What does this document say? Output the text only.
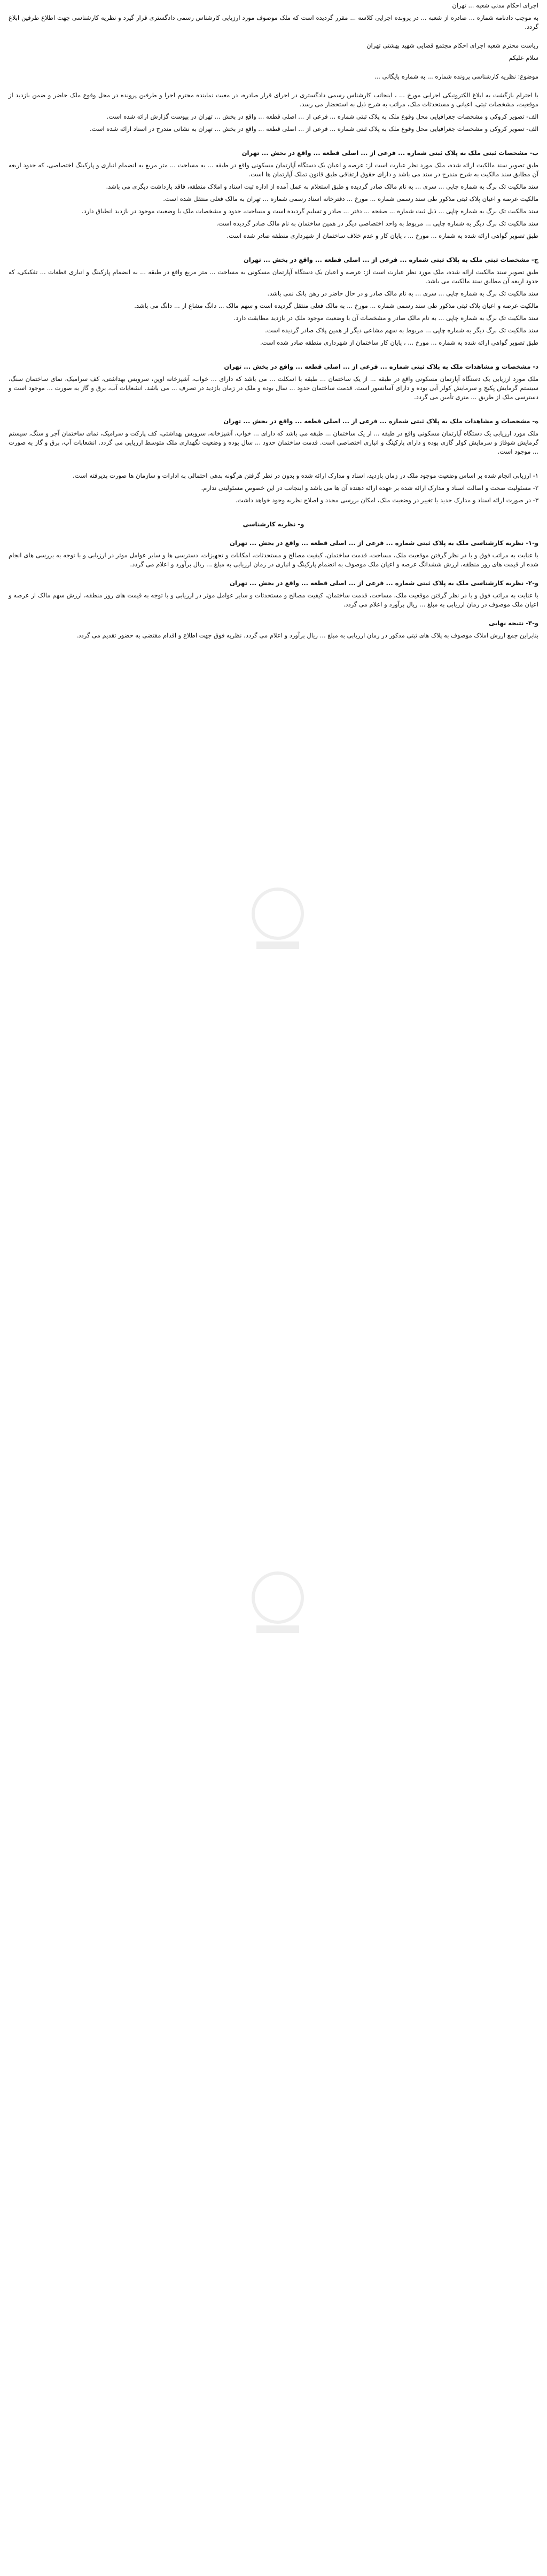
اجرای احکام مدنی شعبه ... تهران
به موجب دادنامه شماره ... صادره از شعبه ... در پرونده اجرایی کلاسه ... مقرر گردیده است که ملک موصوف مورد ارزیابی کارشناس رسمی دادگستری قرار گیرد و نظریه کارشناسی جهت اطلاع طرفین ابلاغ گردد.
ریاست محترم شعبه اجرای احکام مجتمع قضایی شهید بهشتی تهران
سلام علیکم
موضوع: نظریه کارشناسی پرونده شماره ... به شماره بایگانی ...
با احترام بازگشت به ابلاغ الکترونیکی اجرایی مورخ ... ، اینجانب کارشناس رسمی دادگستری در اجرای قرار صادره، در معیت نماینده محترم اجرا و طرفین پرونده در محل وقوع ملک حاضر و ضمن بازدید از موقعیت، مشخصات ثبتی، اعیانی و مستحدثات ملک، مراتب به شرح ذیل به استحضار می رسد.
الف- تصویر کروکی و مشخصات جغرافیایی محل وقوع ملک به پلاک ثبتی شماره ... فرعی از ... اصلی قطعه ... واقع در بخش ... تهران در پیوست گزارش ارائه شده است.
الف- تصویر کروکی و مشخصات جغرافیایی محل وقوع ملک به پلاک ثبتی شماره ... فرعی از ... اصلی قطعه ... واقع در بخش ... تهران به نشانی مندرج در اسناد ارائه شده است.
ب- مشخصات ثبتی ملک به پلاک ثبتی شماره ... فرعی از ... اصلی قطعه ... واقع در بخش ... تهران
طبق تصویر سند مالکیت ارائه شده، ملک مورد نظر عبارت است از: عرصه و اعیان یک دستگاه آپارتمان مسکونی واقع در طبقه ... به مساحت ... متر مربع به انضمام انباری و پارکینگ اختصاصی، که حدود اربعه آن مطابق سند مالکیت به شرح مندرج در سند می باشد و دارای حقوق ارتفاقی طبق قانون تملک آپارتمان ها است.
سند مالکیت تک برگ به شماره چاپی ... سری ... به نام مالک صادر گردیده و طبق استعلام به عمل آمده از اداره ثبت اسناد و املاک منطقه، فاقد بازداشت دیگری می باشد.
مالکیت عرصه و اعیان پلاک ثبتی مذکور طی سند رسمی شماره ... مورخ ... دفترخانه اسناد رسمی شماره ... تهران به مالک فعلی منتقل شده است.
سند مالکیت تک برگ به شماره چاپی ... ذیل ثبت شماره ... صفحه ... دفتر ... صادر و تسلیم گردیده است و مساحت، حدود و مشخصات ملک با وضعیت موجود در بازدید انطباق دارد.
سند مالکیت تک برگ دیگر به شماره چاپی ... مربوط به واحد اختصاصی دیگر در همین ساختمان به نام مالک صادر گردیده است.
طبق تصویر گواهی ارائه شده به شماره ... مورخ ... ، پایان کار و عدم خلاف ساختمان از شهرداری منطقه صادر شده است.
ج- مشخصات ثبتی ملک به پلاک ثبتی شماره ... فرعی از ... اصلی قطعه ... واقع در بخش ... تهران
طبق تصویر سند مالکیت ارائه شده، ملک مورد نظر عبارت است از: عرصه و اعیان یک دستگاه آپارتمان مسکونی به مساحت ... متر مربع واقع در طبقه ... به انضمام پارکینگ و انباری قطعات ... تفکیکی، که حدود اربعه آن مطابق سند مالکیت می باشد.
سند مالکیت تک برگ به شماره چاپی ... سری ... به نام مالک صادر و در حال حاضر در رهن بانک نمی باشد.
مالکیت عرصه و اعیان پلاک ثبتی مذکور طی سند رسمی شماره ... مورخ ... به مالک فعلی منتقل گردیده است و سهم مالک ... دانگ مشاع از ... دانگ می باشد.
سند مالکیت تک برگ به شماره چاپی ... به نام مالک صادر و مشخصات آن با وضعیت موجود ملک در بازدید مطابقت دارد.
سند مالکیت تک برگ دیگر به شماره چاپی ... مربوط به سهم مشاعی دیگر از همین پلاک صادر گردیده است.
طبق تصویر گواهی ارائه شده به شماره ... مورخ ... ، پایان کار ساختمان از شهرداری منطقه صادر شده است.
د- مشخصات و مشاهدات ملک به پلاک ثبتی شماره ... فرعی از ... اصلی قطعه ... واقع در بخش ... تهران
ملک مورد ارزیابی یک دستگاه آپارتمان مسکونی واقع در طبقه ... از یک ساختمان ... طبقه با اسکلت ... می باشد که دارای ... خواب، آشپزخانه اوپن، سرویس بهداشتی، کف سرامیک، نمای ساختمان سنگ، سیستم گرمایش پکیج و سرمایش کولر آبی بوده و دارای آسانسور است. قدمت ساختمان حدود ... سال بوده و ملک در زمان بازدید در تصرف ... می باشد. انشعابات آب، برق و گاز به صورت ... موجود است و دسترسی ملک از طریق ... متری تأمین می گردد.
ه- مشخصات و مشاهدات ملک به پلاک ثبتی شماره ... فرعی از ... اصلی قطعه ... واقع در بخش ... تهران
ملک مورد ارزیابی یک دستگاه آپارتمان مسکونی واقع در طبقه ... از یک ساختمان ... طبقه می باشد که دارای ... خواب، آشپزخانه، سرویس بهداشتی، کف پارکت و سرامیک، نمای ساختمان آجر و سنگ، سیستم گرمایش شوفاژ و سرمایش کولر گازی بوده و دارای پارکینگ و انباری اختصاصی است. قدمت ساختمان حدود ... سال بوده و وضعیت نگهداری ملک متوسط ارزیابی می گردد. انشعابات آب، برق و گاز به صورت ... موجود است.
۱- ارزیابی انجام شده بر اساس وضعیت موجود ملک در زمان بازدید، اسناد و مدارک ارائه شده و بدون در نظر گرفتن هرگونه بدهی احتمالی به ادارات و سازمان ها صورت پذیرفته است.
۲- مسئولیت صحت و اصالت اسناد و مدارک ارائه شده بر عهده ارائه دهنده آن ها می باشد و اینجانب در این خصوص مسئولیتی ندارم.
۳- در صورت ارائه اسناد و مدارک جدید یا تغییر در وضعیت ملک، امکان بررسی مجدد و اصلاح نظریه وجود خواهد داشت.
و- نظریه کارشناسی
و-۱- نظریه کارشناسی ملک به پلاک ثبتی شماره ... فرعی از ... اصلی قطعه ... واقع در بخش ... تهران
با عنایت به مراتب فوق و با در نظر گرفتن موقعیت ملک، مساحت، قدمت ساختمان، کیفیت مصالح و مستحدثات، امکانات و تجهیزات، دسترسی ها و سایر عوامل موثر در ارزیابی و با توجه به بررسی های انجام شده از قیمت های روز منطقه، ارزش ششدانگ عرصه و اعیان ملک موصوف به انضمام پارکینگ و انباری در زمان ارزیابی به مبلغ ... ریال برآورد و اعلام می گردد.
و-۲- نظریه کارشناسی ملک به پلاک ثبتی شماره ... فرعی از ... اصلی قطعه ... واقع در بخش ... تهران
با عنایت به مراتب فوق و با در نظر گرفتن موقعیت ملک، مساحت، قدمت ساختمان، کیفیت مصالح و مستحدثات و سایر عوامل موثر در ارزیابی و با توجه به قیمت های روز منطقه، ارزش سهم مالک از عرصه و اعیان ملک موصوف در زمان ارزیابی به مبلغ ... ریال برآورد و اعلام می گردد.
و-۳- نتیجه نهایی
بنابراین جمع ارزش املاک موصوف به پلاک های ثبتی مذکور در زمان ارزیابی به مبلغ ... ریال برآورد و اعلام می گردد. نظریه فوق جهت اطلاع و اقدام مقتضی به حضور تقدیم می گردد.
